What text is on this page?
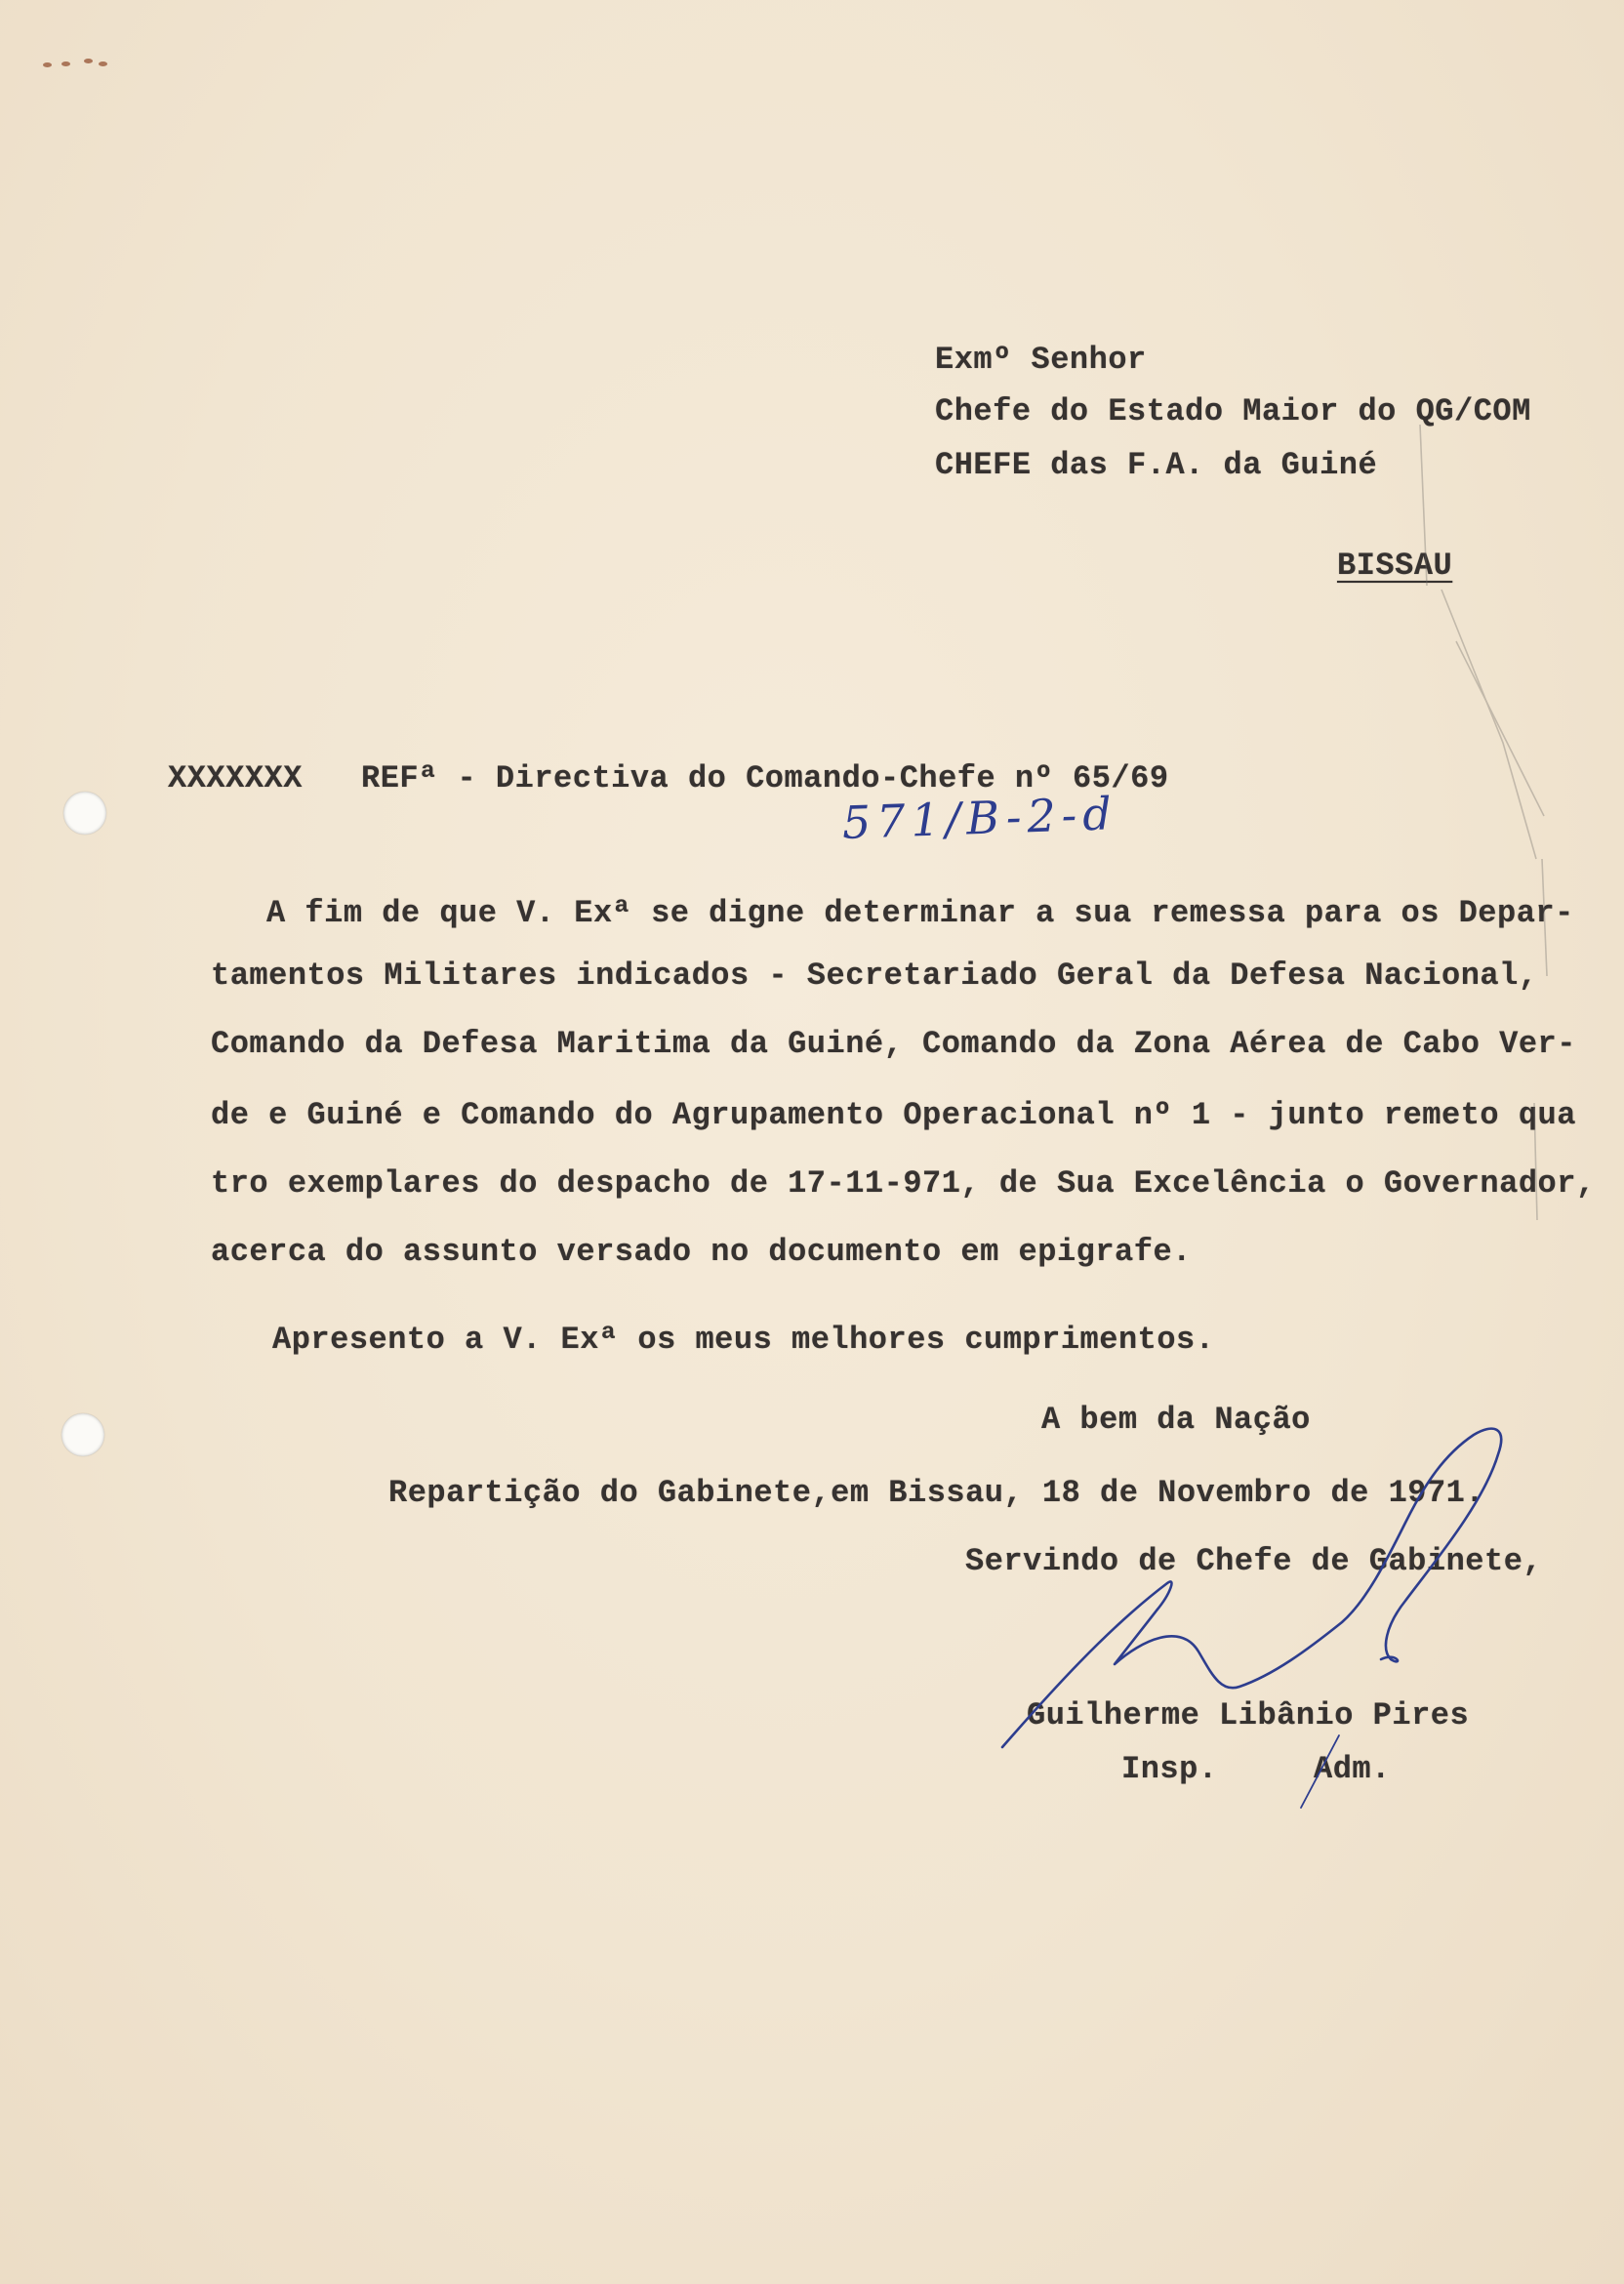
Exmº Senhor
Chefe do Estado Maior do QG/COM
CHEFE das F.A. da Guiné
BISSAU
XXXXXXX REFª - Directiva do Comando-Chefe nº 65/69
571/B-2-d
A fim de que V. Exª se digne determinar a sua remessa para os Depar-
tamentos Militares indicados - Secretariado Geral da Defesa Nacional,
Comando da Defesa Maritima da Guiné, Comando da Zona Aérea de Cabo Ver-
de e Guiné e Comando do Agrupamento Operacional nº 1 - junto remeto qua
tro exemplares do despacho de 17-11-971, de Sua Excelência o Governador,
acerca do assunto versado no documento em epigrafe.
Apresento a V. Exª os meus melhores cumprimentos.
A bem da Nação
Repartição do Gabinete,em Bissau, 18 de Novembro de 1971.
Servindo de Chefe de Gabinete,
Guilherme Libânio Pires
Insp.	Adm.
